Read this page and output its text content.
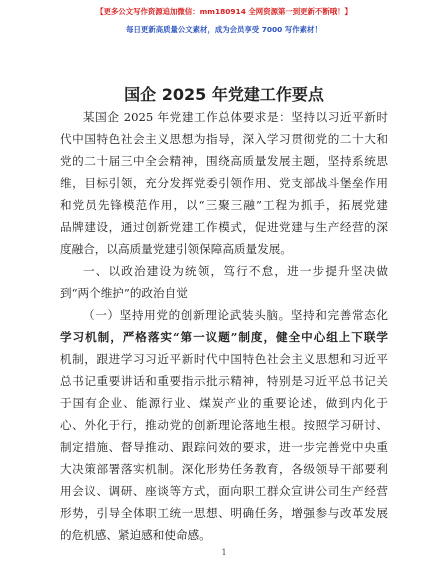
【更多公文写作资源追加微信：mm180914 全网资源第一到更新不断哦！】
每日更新高质量公文素材，成为会员享受 7000 写作素材！
国企 2025 年党建工作要点
某国企 2025 年党建工作总体要求是：坚持以习近平新时
代中国特色社会主义思想为指导，深入学习贯彻党的二十大和
党的二十届三中全会精神，围绕高质量发展主题，坚持系统思
维，目标引领，充分发挥党委引领作用、党支部战斗堡垒作用
和党员先锋模范作用，以“三聚三融”工程为抓手，拓展党建
品牌建设，通过创新党建工作模式，促进党建与生产经营的深
度融合，以高质量党建引领保障高质量发展。
一、以政治建设为统领，笃行不怠，进一步提升坚决做
到“两个维护”的政治自觉
（一）坚持用党的创新理论武装头脑。坚持和完善常态化
学习机制，严格落实“第一议题”制度，健全中心组上下联学
机制，跟进学习习近平新时代中国特色社会主义思想和习近平
总书记重要讲话和重要指示批示精神，特别是习近平总书记关
于国有企业、能源行业、煤炭产业的重要论述，做到内化于
心、外化于行，推动党的创新理论落地生根。按照学习研讨、
制定措施、督导推动、跟踪问效的要求，进一步完善党中央重
大决策部署落实机制。深化形势任务教育，各级领导干部要利
用会议、调研、座谈等方式，面向职工群众宣讲公司生产经营
形势，引导全体职工统一思想、明确任务，增强参与改革发展
的危机感、紧迫感和使命感。
1
